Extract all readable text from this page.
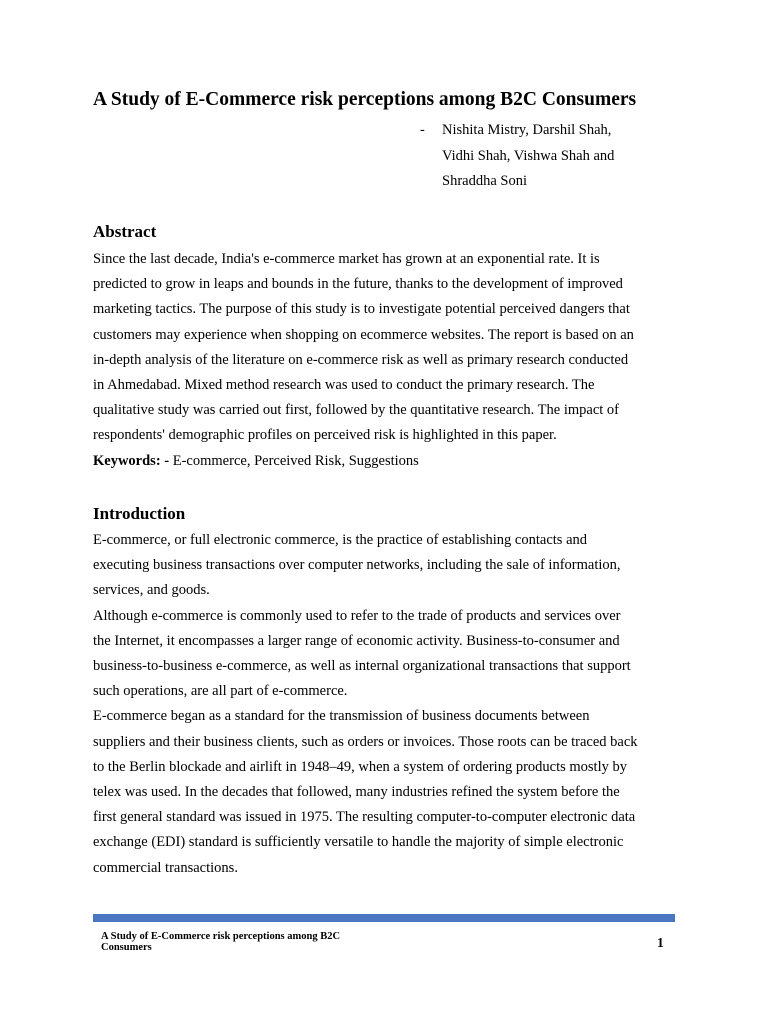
A Study of E-Commerce risk perceptions among B2C Consumers
- Nishita Mistry, Darshil Shah,
Vidhi Shah, Vishwa Shah and
Shraddha Soni
Abstract
Since the last decade, India's e-commerce market has grown at an exponential rate. It is
predicted to grow in leaps and bounds in the future, thanks to the development of improved
marketing tactics. The purpose of this study is to investigate potential perceived dangers that
customers may experience when shopping on ecommerce websites. The report is based on an
in-depth analysis of the literature on e-commerce risk as well as primary research conducted
in Ahmedabad. Mixed method research was used to conduct the primary research. The
qualitative study was carried out first, followed by the quantitative research. The impact of
respondents' demographic profiles on perceived risk is highlighted in this paper.
Keywords: - E-commerce, Perceived Risk, Suggestions
Introduction
E-commerce, or full electronic commerce, is the practice of establishing contacts and
executing business transactions over computer networks, including the sale of information,
services, and goods.
Although e-commerce is commonly used to refer to the trade of products and services over
the Internet, it encompasses a larger range of economic activity. Business-to-consumer and
business-to-business e-commerce, as well as internal organizational transactions that support
such operations, are all part of e-commerce.
E-commerce began as a standard for the transmission of business documents between
suppliers and their business clients, such as orders or invoices. Those roots can be traced back
to the Berlin blockade and airlift in 1948–49, when a system of ordering products mostly by
telex was used. In the decades that followed, many industries refined the system before the
first general standard was issued in 1975. The resulting computer-to-computer electronic data
exchange (EDI) standard is sufficiently versatile to handle the majority of simple electronic
commercial transactions.
A Study of E-Commerce risk perceptions among B2C
Consumers	1
